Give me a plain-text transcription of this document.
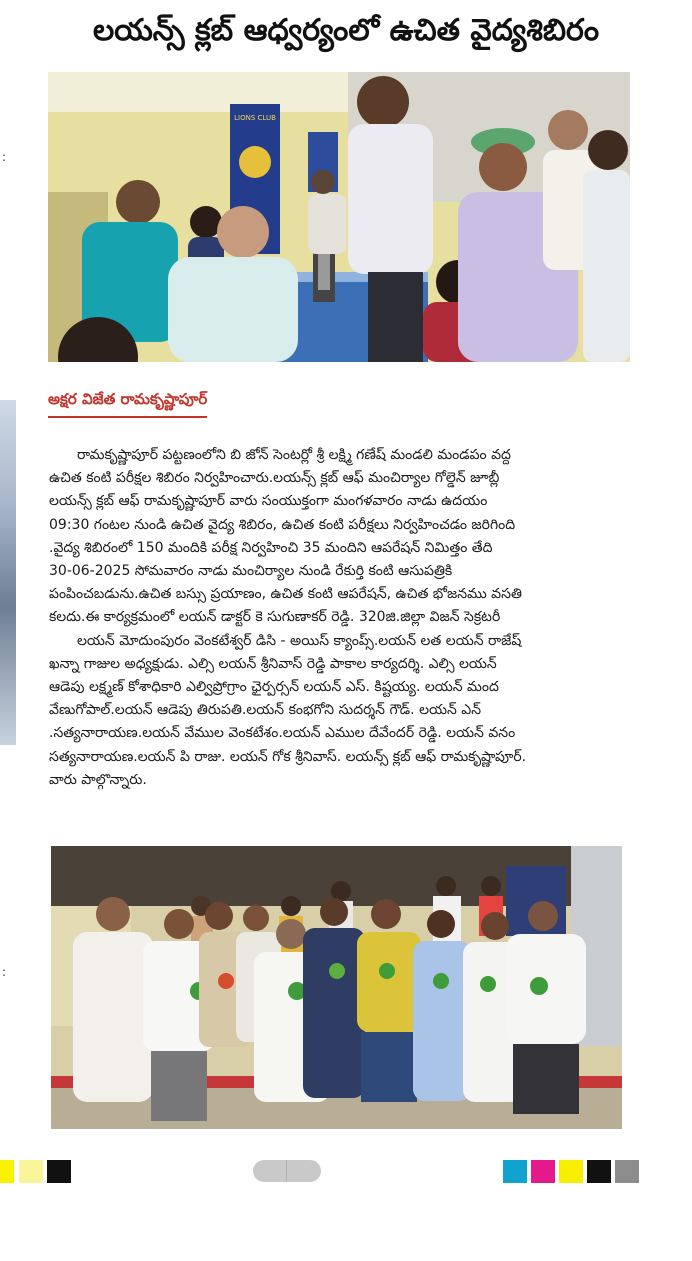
:
:
లయన్స్ క్లబ్ ఆధ్వర్యంలో ఉచిత వైద్యశిబిరం
LIONS CLUB
అక్షర విజేత రామకృష్ణాపూర్
రామకృష్ణాపూర్ పట్టణంలోని బి జోన్ సెంటర్లో శ్రీ లక్ష్మి గణేష్ మండలి మండపం వద్ద
ఉచిత కంటి పరీక్షల శిబిరం నిర్వహించారు.లయన్స్ క్లబ్ ఆఫ్ మంచిర్యాల గోల్డెన్ జూబ్లీ
లయన్స్ క్లబ్ ఆఫ్ రామకృష్ణాపూర్ వారు సంయుక్తంగా మంగళవారం నాడు ఉదయం
09:30 గంటల నుండి ఉచిత వైద్య శిబిరం, ఉచిత కంటి పరీక్షలు నిర్వహించడం జరిగింది
.వైద్య శిబిరంలో 150 మందికి పరీక్ష నిర్వహించి 35 మందిని ఆపరేషన్ నిమిత్తం తేది
30-06-2025 సోమవారం నాడు మంచిర్యాల నుండి రేకుర్తి కంటి ఆసుపత్రికి
పంపించబడును.ఉచిత బస్సు ప్రయాణం, ఉచిత కంటి ఆపరేషన్, ఉచిత భోజనము వసతి
కలదు.ఈ కార్యక్రమంలో లయన్ డాక్టర్ కె సుగుణాకర్ రెడ్డి. 320జి.జిల్లా విజన్ సెక్రటరీ
లయన్ మోదుంపురం వెంకటేశ్వర్ డిసి - అయిస్ క్యాంప్స్.లయన్ లత లయన్ రాజేష్
ఖన్నా గాజుల అధ్యక్షుడు. ఎల్సి లయన్ శ్రీనివాస్ రెడ్డి పాకాల కార్యదర్శి. ఎల్సి లయన్
ఆడెపు లక్ష్మణ్ కోశాధికారి ఎల్విప్రోగ్రాం ఛైర్పర్సన్ లయన్ ఎస్. కిష్టయ్య. లయన్ మంద
వేణుగోపాల్.లయన్ ఆడెపు తిరుపతి.లయన్ కంభగోని సుదర్శన్ గౌడ్. లయన్ ఎన్
.సత్యనారాయణ.లయన్ వేముల వెంకటేశం.లయన్ ఎముల దేవేందర్ రెడ్డి. లయన్ వనం
సత్యనారాయణ.లయన్ పి రాజు. లయన్ గోక శ్రీనివాస్. లయన్స్ క్లబ్ ఆఫ్ రామకృష్ణాపూర్.
వారు పాల్గొన్నారు.
